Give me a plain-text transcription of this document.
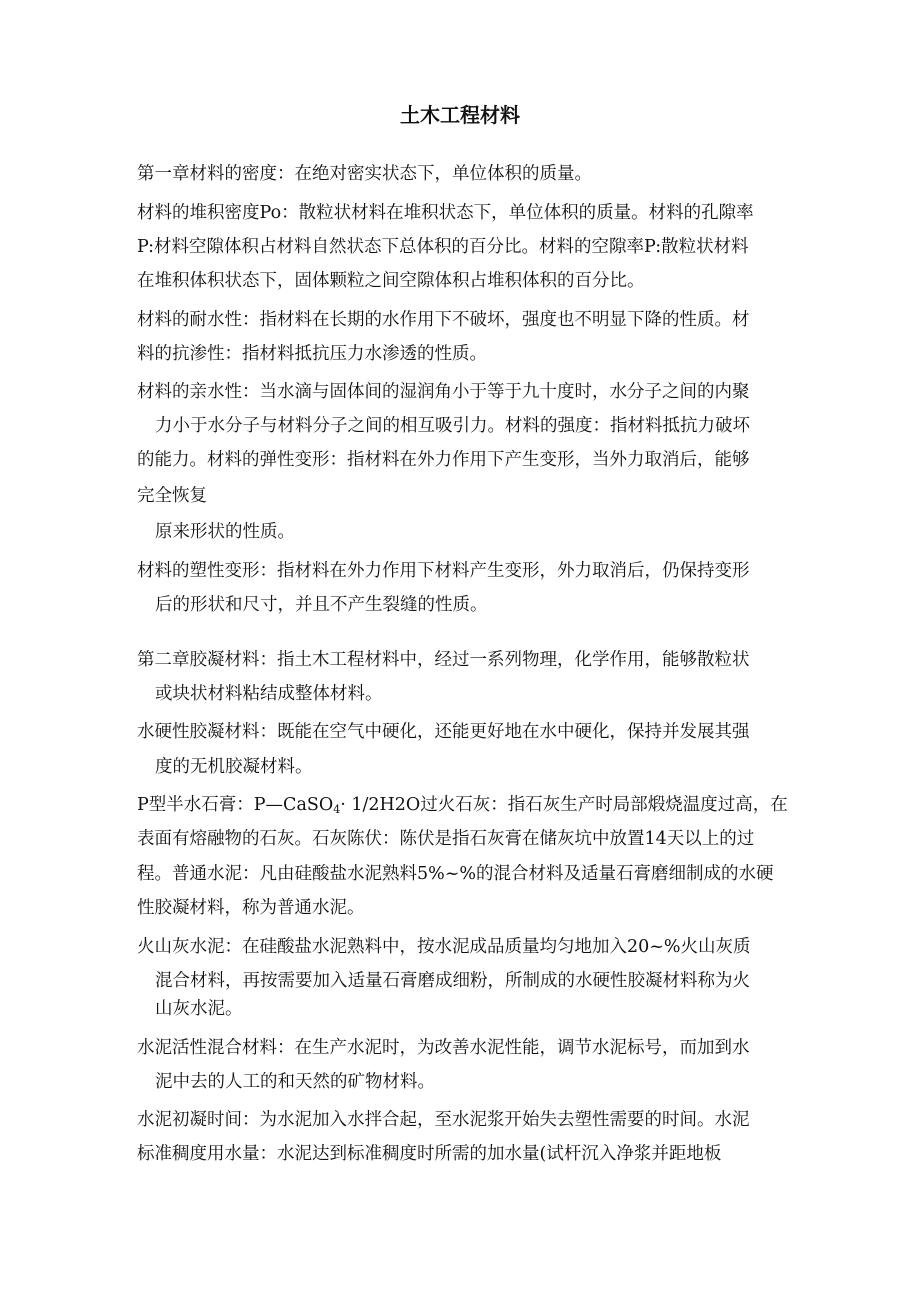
土木工程材料
第一章材料的密度：在绝对密实状态下，单位体积的质量。
材料的堆积密度Po：散粒状材料在堆积状态下，单位体积的质量。材料的孔隙率
P:材料空隙体积占材料自然状态下总体积的百分比。材料的空隙率P:散粒状材料
在堆积体积状态下，固体颗粒之间空隙体积占堆积体积的百分比。
材料的耐水性：指材料在长期的水作用下不破坏，强度也不明显下降的性质。材
料的抗渗性：指材料抵抗压力水渗透的性质。
材料的亲水性：当水滴与固体间的湿润角小于等于九十度时，水分子之间的内聚
力小于水分子与材料分子之间的相互吸引力。材料的强度：指材料抵抗力破坏
的能力。材料的弹性变形：指材料在外力作用下产生变形，当外力取消后，能够
完全恢复
原来形状的性质。
材料的塑性变形：指材料在外力作用下材料产生变形，外力取消后，仍保持变形
后的形状和尺寸，并且不产生裂缝的性质。
第二章胶凝材料：指土木工程材料中，经过一系列物理，化学作用，能够散粒状
或块状材料粘结成整体材料。
水硬性胶凝材料：既能在空气中硬化，还能更好地在水中硬化，保持并发展其强
度的无机胶凝材料。
P型半水石膏：P—CaSO$_4$· 1/2H2O过火石灰：指石灰生产时局部煅烧温度过高，在
表面有熔融物的石灰。石灰陈伏：陈伏是指石灰膏在储灰坑中放置14天以上的过
程。普通水泥：凡由硅酸盐水泥熟料5%~%的混合材料及适量石膏磨细制成的水硬
性胶凝材料，称为普通水泥。
火山灰水泥：在硅酸盐水泥熟料中，按水泥成品质量均匀地加入20~%火山灰质
混合材料，再按需要加入适量石膏磨成细粉，所制成的水硬性胶凝材料称为火
山灰水泥。
水泥活性混合材料：在生产水泥时，为改善水泥性能，调节水泥标号，而加到水
泥中去的人工的和天然的矿物材料。
水泥初凝时间：为水泥加入水拌合起，至水泥浆开始失去塑性需要的时间。水泥
标准稠度用水量：水泥达到标准稠度时所需的加水量(试杆沉入净浆并距地板
